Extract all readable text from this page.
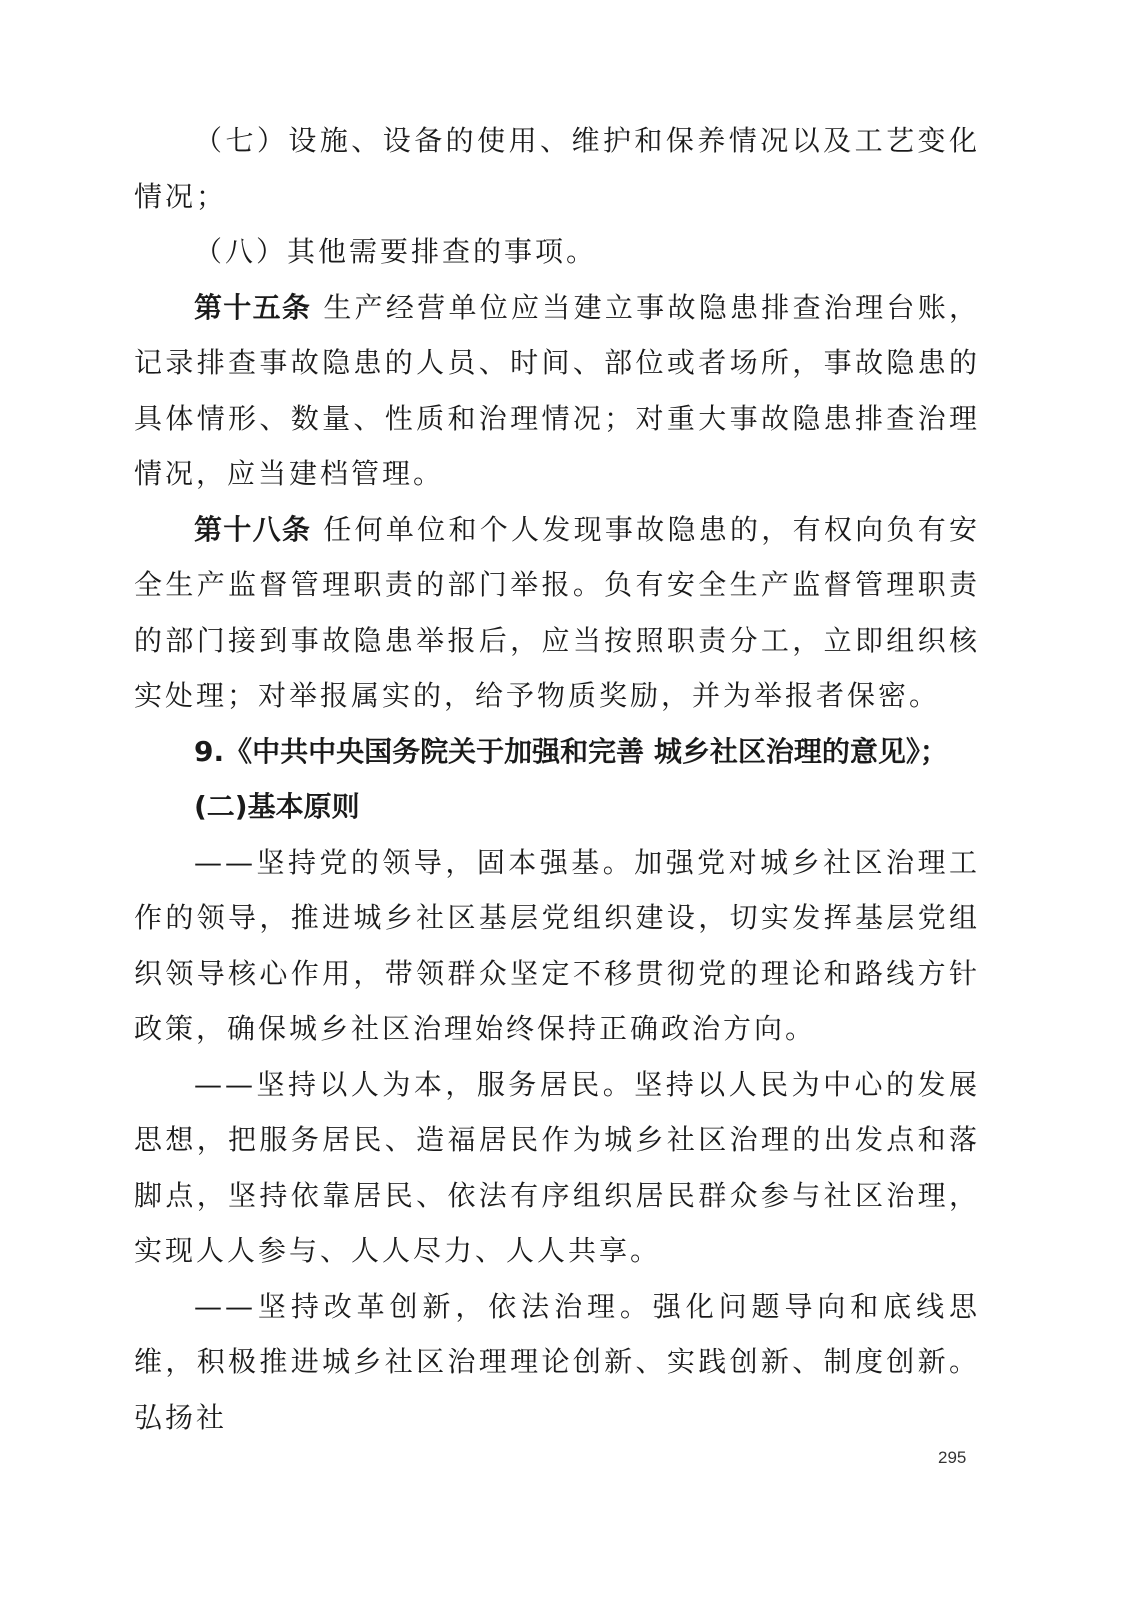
（七）设施、设备的使用、维护和保养情况以及工艺变化情况；

（八）其他需要排查的事项。

第十五条 生产经营单位应当建立事故隐患排查治理台账，记录排查事故隐患的人员、时间、部位或者场所，事故隐患的具体情形、数量、性质和治理情况；对重大事故隐患排查治理情况，应当建档管理。

第十八条 任何单位和个人发现事故隐患的，有权向负有安全生产监督管理职责的部门举报。负有安全生产监督管理职责的部门接到事故隐患举报后，应当按照职责分工，立即组织核实处理；对举报属实的，给予物质奖励，并为举报者保密。

9.《中共中央国务院关于加强和完善 城乡社区治理的意见》；

(二)基本原则

——坚持党的领导，固本强基。加强党对城乡社区治理工作的领导，推进城乡社区基层党组织建设，切实发挥基层党组织领导核心作用，带领群众坚定不移贯彻党的理论和路线方针政策，确保城乡社区治理始终保持正确政治方向。

——坚持以人为本，服务居民。坚持以人民为中心的发展思想，把服务居民、造福居民作为城乡社区治理的出发点和落脚点，坚持依靠居民、依法有序组织居民群众参与社区治理，实现人人参与、人人尽力、人人共享。

——坚持改革创新，依法治理。强化问题导向和底线思维，积极推进城乡社区治理理论创新、实践创新、制度创新。弘扬社

295
